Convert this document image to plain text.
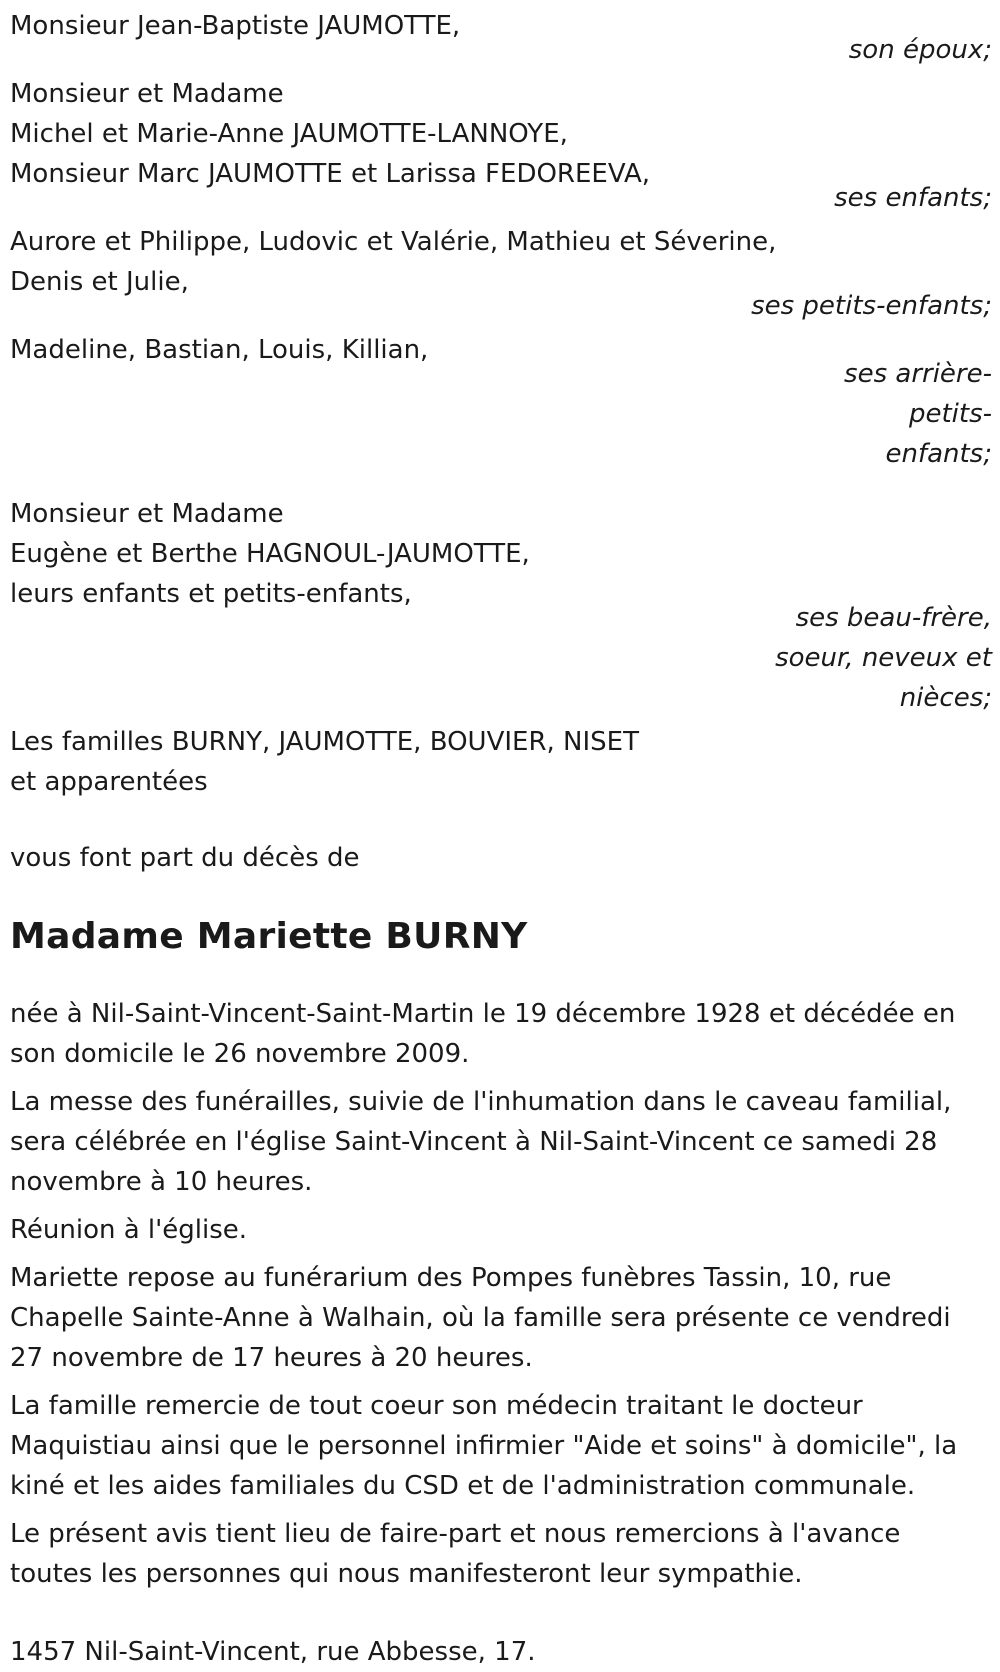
Monsieur Jean-Baptiste JAUMOTTE,
son époux;
Monsieur et Madame
Michel et Marie-Anne JAUMOTTE-LANNOYE,
Monsieur Marc JAUMOTTE et Larissa FEDOREEVA,
ses enfants;
Aurore et Philippe, Ludovic et Valérie, Mathieu et Séverine,
Denis et Julie,
ses petits-enfants;
Madeline, Bastian, Louis, Killian,
ses arrière-petits-
enfants;
Monsieur et Madame
Eugène et Berthe HAGNOUL-JAUMOTTE,
leurs enfants et petits-enfants,
ses beau-frère,
soeur, neveux et
nièces;
Les familles BURNY, JAUMOTTE, BOUVIER, NISET
et apparentées
vous font part du décès de
Madame Mariette BURNY

née à Nil-Saint-Vincent-Saint-Martin le 19 décembre 1928 et décédée en son domicile le 26 novembre 2009.

La messe des funérailles, suivie de l'inhumation dans le caveau familial, sera célébrée en l'église Saint-Vincent à Nil-Saint-Vincent ce samedi 28 novembre à 10 heures.

Réunion à l'église.

Mariette repose au funérarium des Pompes funèbres Tassin, 10, rue Chapelle Sainte-Anne à Walhain, où la famille sera présente ce vendredi 27 novembre de 17 heures à 20 heures.

La famille remercie de tout coeur son médecin traitant le docteur Maquistiau ainsi que le personnel infirmier "Aide et soins" à domicile", la kiné et les aides familiales du CSD et de l'administration communale.

Le présent avis tient lieu de faire-part et nous remercions à l'avance toutes les personnes qui nous manifesteront leur sympathie.

1457 Nil-Saint-Vincent, rue Abbesse, 17.
